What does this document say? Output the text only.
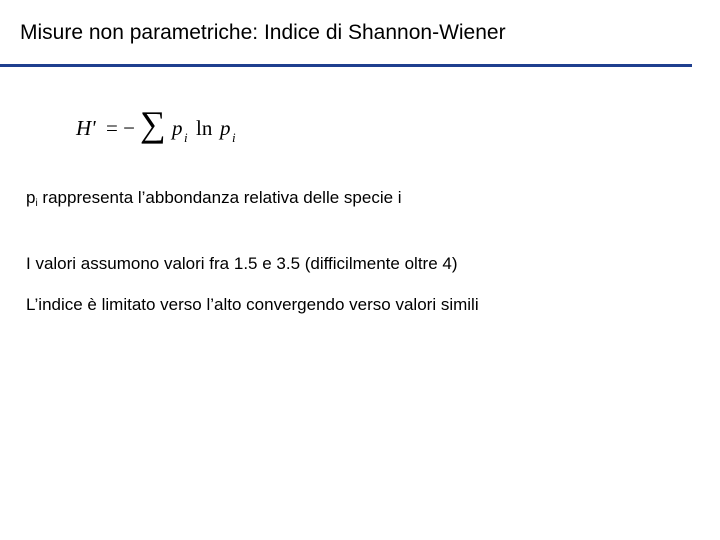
Misure non parametriche: Indice di Shannon-Wiener
H' = − ∑ p i ln p i
$p_i$ rappresenta l’abbondanza relativa delle specie i
I valori assumono valori fra 1.5 e 3.5 (difficilmente oltre 4)
L’indice è limitato verso l’alto convergendo verso valori simili
